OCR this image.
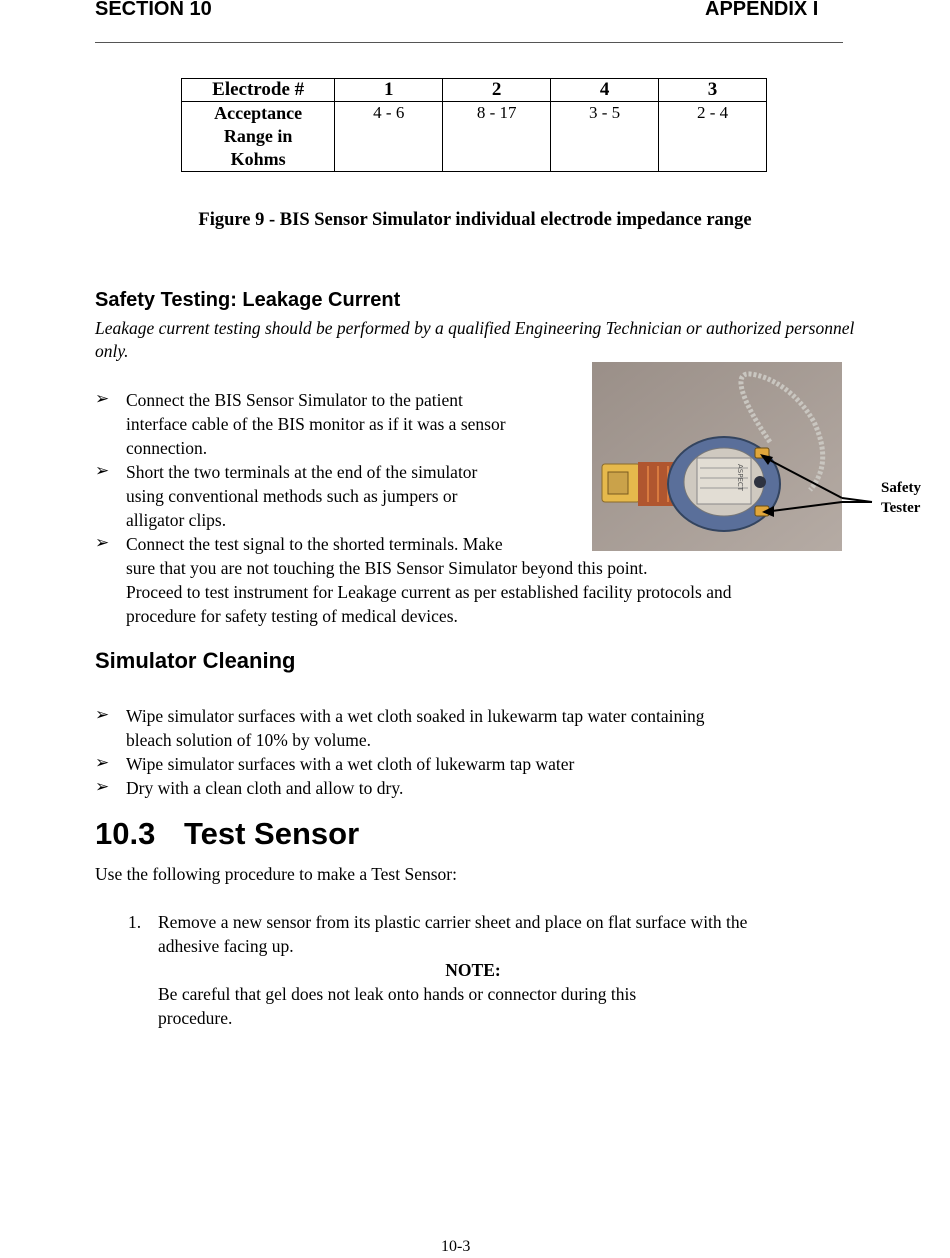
SECTION 10	APPENDIX I
Electrode #	1	2	4	3

Acceptance
Range in
Kohms	4 - 6	8 - 17	3 - 5	2 - 4
Figure 9 - BIS Sensor Simulator individual electrode impedance range
Safety Testing: Leakage Current
Leakage current testing should be performed by a qualified Engineering Technician or authorized personnel
only.
➢ Connect the BIS Sensor Simulator to the patient
interface cable of the BIS monitor as if it was a sensor
connection.
➢ Short the two terminals at the end of the simulator
using conventional methods such as jumpers or
alligator clips.
➢ Connect the test signal to the shorted terminals. Make
sure that you are not touching the BIS Sensor Simulator beyond this point.
Proceed to test instrument for Leakage current as per established facility protocols and
procedure for safety testing of medical devices.
ASPECT	Safety
Tester
Simulator Cleaning
➢ Wipe simulator surfaces with a wet cloth soaked in lukewarm tap water containing
bleach solution of 10% by volume.
➢ Wipe simulator surfaces with a wet cloth of lukewarm tap water
➢ Dry with a clean cloth and allow to dry.
10.3 Test Sensor
Use the following procedure to make a Test Sensor:
1. Remove a new sensor from its plastic carrier sheet and place on flat surface with the
adhesive facing up.
NOTE:
Be careful that gel does not leak onto hands or connector during this
procedure.
10-3
